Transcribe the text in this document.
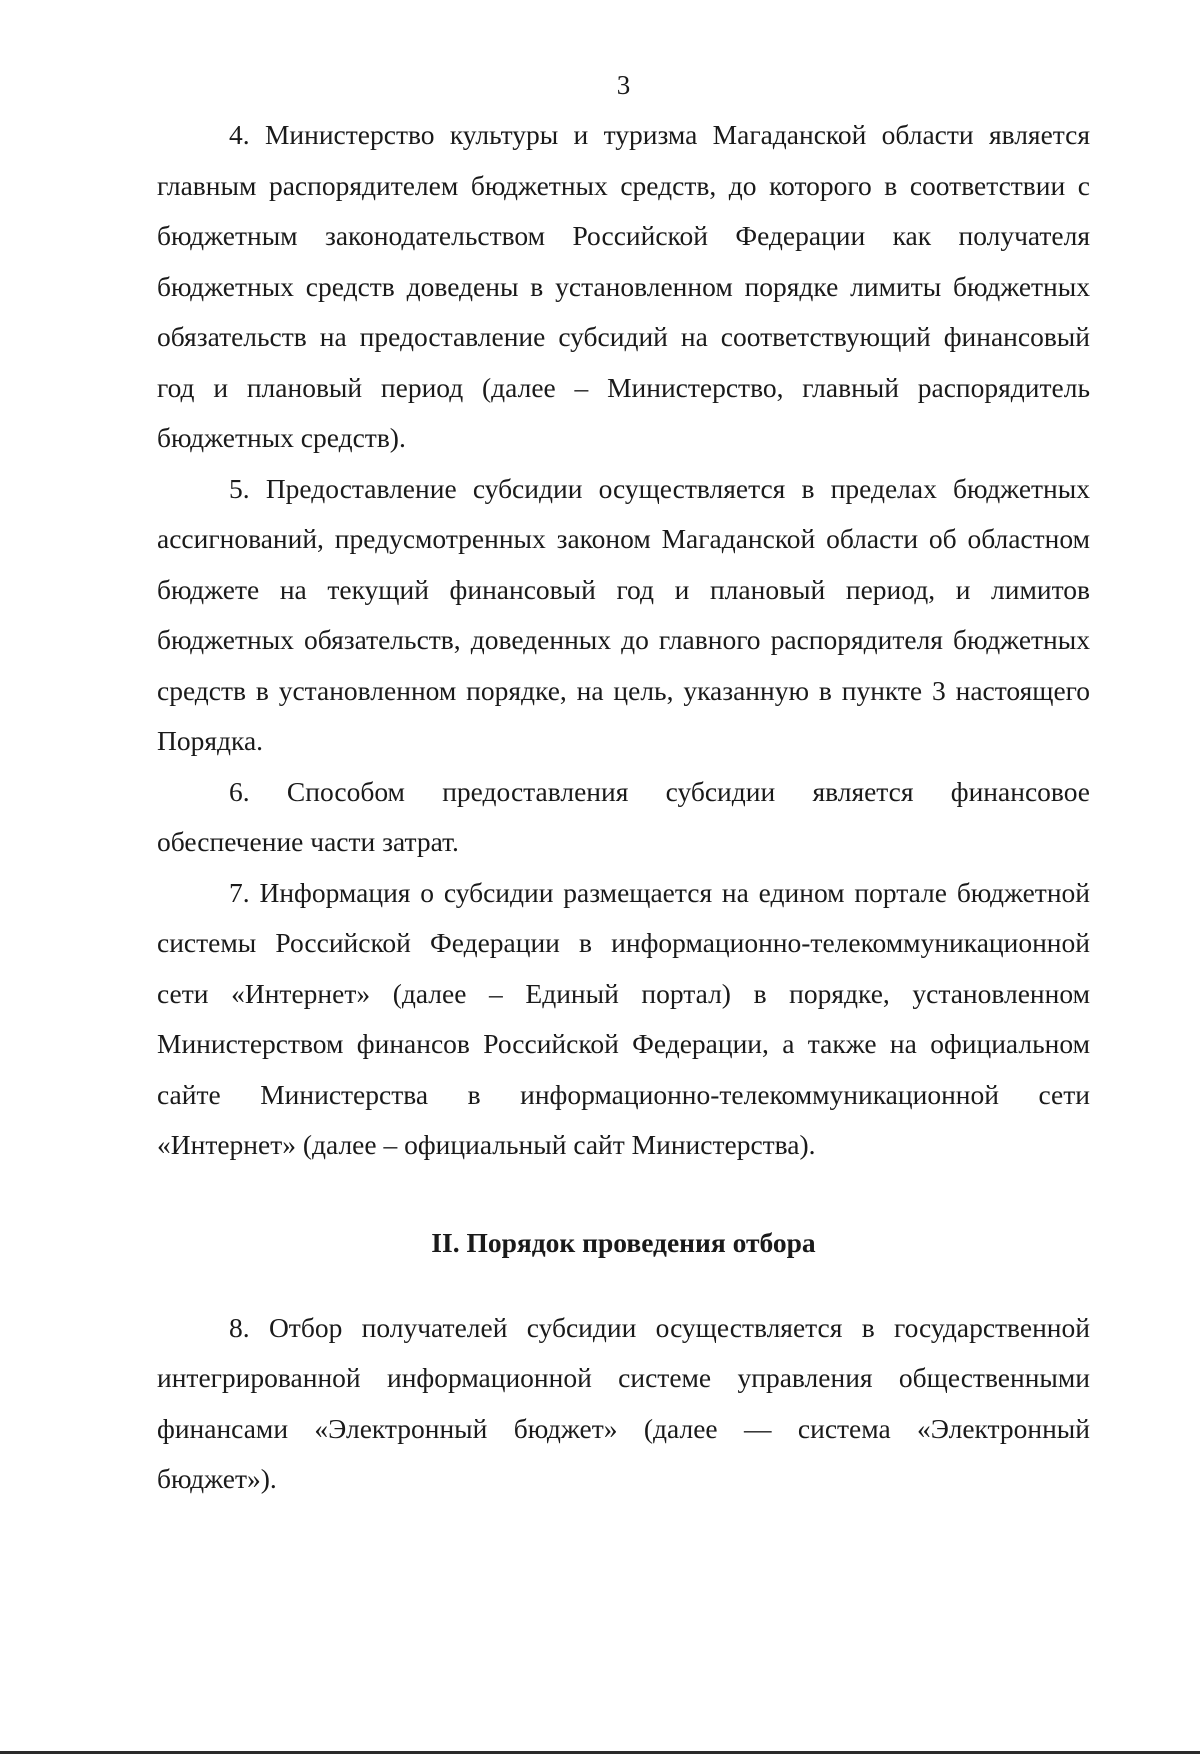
3

4. Министерство культуры и туризма Магаданской области является главным распорядителем бюджетных средств, до которого в соответствии с бюджетным законодательством Российской Федерации как получателя бюджетных средств доведены в установленном порядке лимиты бюджетных обязательств на предоставление субсидий на соответствующий финансовый год и плановый период (далее – Министерство, главный распорядитель бюджетных средств).

5. Предоставление субсидии осуществляется в пределах бюджетных ассигнований, предусмотренных законом Магаданской области об областном бюджете на текущий финансовый год и плановый период, и лимитов бюджетных обязательств, доведенных до главного распорядителя бюджетных средств в установленном порядке, на цель, указанную в пункте 3 настоящего Порядка.

6. Способом предоставления субсидии является финансовое обеспечение части затрат.

7. Информация о субсидии размещается на едином портале бюджетной системы Российской Федерации в информационно-телекоммуникационной сети «Интернет» (далее – Единый портал) в порядке, установленном Министерством финансов Российской Федерации, а также на официальном сайте Министерства в информационно-телекоммуникационной сети «Интернет» (далее – официальный сайт Министерства).

II. Порядок проведения отбора

8. Отбор получателей субсидии осуществляется в государственной интегрированной информационной системе управления общественными финансами «Электронный бюджет» (далее — система «Электронный бюджет»).
